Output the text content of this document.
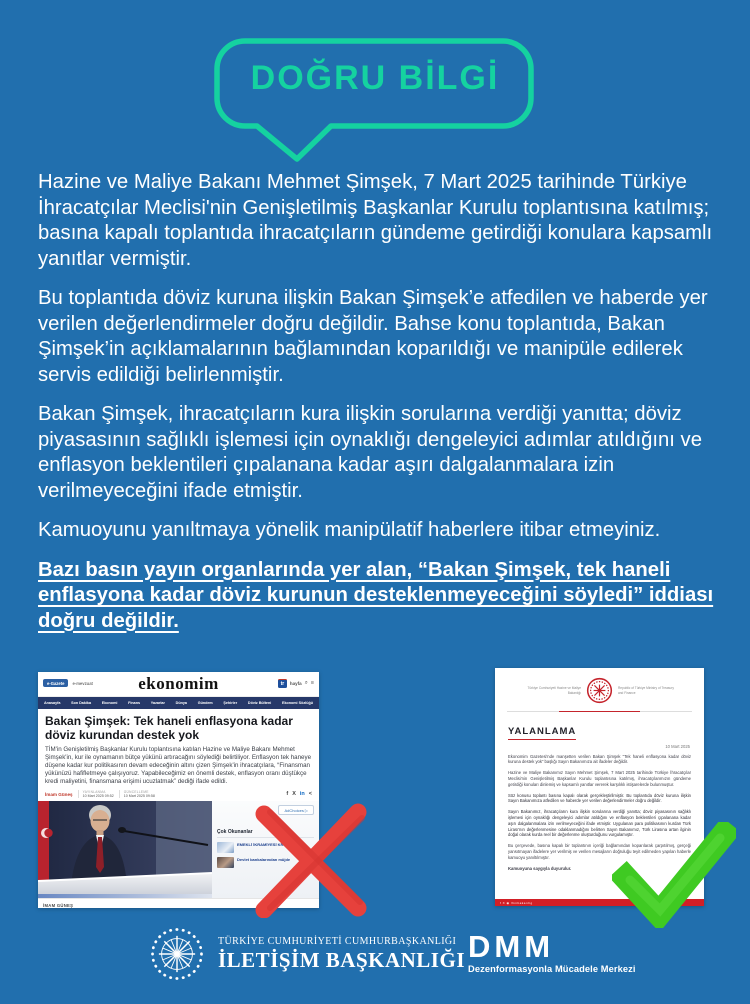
DOĞRU BİLGİ

Hazine ve Maliye Bakanı Mehmet Şimşek, 7 Mart 2025 tarihinde Türkiye İhracatçılar Meclisi'nin Genişletilmiş Başkanlar Kurulu toplantısına katılmış; basına kapalı toplantıda ihracatçıların gündeme getirdiği konulara kapsamlı yanıtlar vermiştir.

Bu toplantıda döviz kuruna ilişkin Bakan Şimşek’e atfedilen ve haberde yer verilen değerlendirmeler doğru değildir. Bahse konu toplantıda, Bakan Şimşek’in açıklamalarının bağlamından koparıldığı ve manipüle edilerek servis edildiği belirlenmiştir.

Bakan Şimşek, ihracatçıların kura ilişkin sorularına verdiği yanıtta; döviz piyasasının sağlıklı işlemesi için oynaklığı dengeleyici adımlar atıldığını ve enflasyon beklentileri çıpalanana kadar aşırı dalgalanmalara izin verilmeyeceğini ifade etmiştir.

Kamuoyunu yanıltmaya yönelik manipülatif haberlere itibar etmeyiniz.

Bazı basın yayın organlarında yer alan, “Bakan Şimşek, tek haneli enflasyona kadar döviz kurunun desteklenmeyeceğini söyledi” iddiası doğru değildir.

e-Gazete	e-mevzuat	ekonomim	tr	hayfa ⌕ ≡
Anasayfa	Son Dakika	Ekonomi	Finans	Yazarlar	Dünya	Gündem	Şehirler	Döviz Bülteni	Ekonomi Sözlüğü
Bakan Şimşek: Tek haneli enflasyona kadar döviz kurundan destek yok

TİM'in Genişletilmiş Başkanlar Kurulu toplantısına katılan Hazine ve Maliye Bakanı Mehmet Şimşek'in, kur ile oynamanın bütçe yükünü artıracağını söylediği belirtiliyor. Enflasyon tek haneye düşene kadar kur politikasının devam edeceğinin altını çizen Şimşek'in ihracatçılara, “Finansman yükünüzü hafifletmeye çalışıyoruz. Yapabileceğimiz en önemli destek, enflasyon oranı düştükçe kredi maliyetini, finansmana erişimi ucuzlatmak” dediği ifade edildi.

İmam Güneş	YAYINLANMA
10 Mart 2025 09:52
GÜNCELLEME
10 Mart 2025 09:58	f X in <
AdChoices ▷
Çok Okunanlar
EMEKLİ İKRAMİYESİ KRİTİK GÜN!
Devlet bankalarından müjde
İMAM GÜNEŞ
Türkiye Cumhuriyeti Hazine ve Maliye Bakanlığı
Republic of Türkiye Ministry of Treasury and Finance
YALANLAMA
10 Mart 2025

Ekonomim Gazetesi'nde manşetten verilen Bakan Şimşek “Tek haneli enflasyona kadar döviz kuruna destek yok” başlığı Sayın Bakanımıza ait ifadeler değildir.

Hazine ve Maliye Bakanımız Sayın Mehmet Şimşek, 7 Mart 2025 tarihinde Türkiye İhracatçılar Meclisi'nin Genişletilmiş Başkanlar Kurulu toplantısına katılmış, ihracatçılarımızın gündeme getirdiği konuları dinlemiş ve kapsamlı yanıtlar vererek karşılıklı istişarelerde bulunmuştur.

Söz konusu toplantı basına kapalı olarak gerçekleştirilmiştir. Bu toplantıda döviz kuruna ilişkin Sayın Bakanımıza atfedilen ve haberde yer verilen değerlendirmeler doğru değildir.

Sayın Bakanımız, ihracatçıların kura ilişkin sorularına verdiği yanıtta; döviz piyasasının sağlıklı işlemesi için oynaklığı dengeleyici adımlar atıldığını ve enflasyon beklentileri çıpalanana kadar aşırı dalgalanmalara izin verilmeyeceğini ifade etmiştir. Uygulanan para politikasının kurdan Türk Lirası'nın değerlenmesine odaklanmadığını belirten Sayın Bakanımız, Türk Lirasına artan ilginin doğal olarak kurda reel bir değerlenme oluşturduğunu vurgulamıştır.

Bu çerçevede, basına kapalı bir toplantının içeriği bağlamından koparılarak çarpıtılmış, gerçeği yansıtmayan ifadelere yer verilmiş ve verilen mesajların doğruluğu teyit edilmeden yapılan haberle kamuoyu yanıltılmıştır.

Kamuoyuna saygıyla duyurulur.

f X ◉ /hmbakanlig
TÜRKİYE CUMHURİYETİ CUMHURBAŞKANLIĞI
İLETİŞİM BAŞKANLIĞI DMM
Dezenformasyonla Mücadele Merkezi
